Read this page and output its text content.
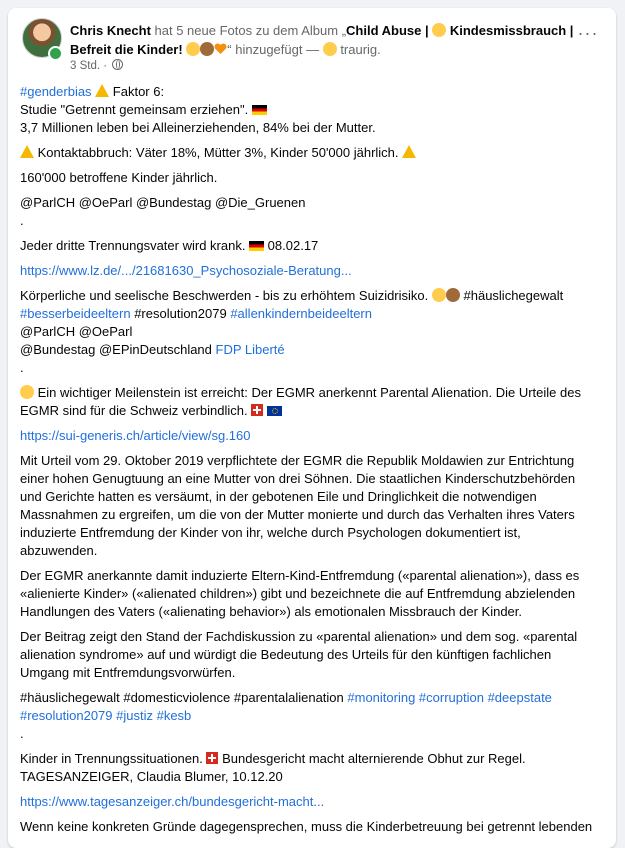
Chris Knecht hat 5 neue Fotos zu dem Album „Child Abuse |  Kindesmissbrauch | Befreit die Kinder!	“ hinzugefügt —  traurig.
3 Std. ·
···
#genderbias  Faktor 6:
Studie "Getrennt gemeinsam erziehen".
3,7 Millionen leben bei Alleinerziehenden, 84% bei der Mutter.
Kontaktabbruch: Väter 18%, Mütter 3%, Kinder 50'000 jährlich.
160'000 betroffene Kinder jährlich.
@ParlCH @OeParl @Bundestag @Die_Gruenen
.
Jeder dritte Trennungsvater wird krank.  08.02.17
https://www.lz.de/.../21681630_Psychosoziale-Beratung...
Körperliche und seelische Beschwerden - bis zu erhöhtem Suizidrisiko.  #häuslichegewalt
#besserbeideeltern #resolution2079 #allenkindernbeideeltern
@ParlCH @OeParl
@Bundestag @EPinDeutschland FDP Liberté
.
Ein wichtiger Meilenstein ist erreicht: Der EGMR anerkennt Parental Alienation. Die Urteile des
EGMR sind für die Schweiz verbindlich.
https://sui-generis.ch/article/view/sg.160
Mit Urteil vom 29. Oktober 2019 verpflichtete der EGMR die Republik Moldawien zur Entrichtung
einer hohen Genugtuung an eine Mutter von drei Söhnen. Die staatlichen Kinderschutzbehörden
und Gerichte hatten es versäumt, in der gebotenen Eile und Dringlichkeit die notwendigen
Massnahmen zu ergreifen, um die von der Mutter monierte und durch das Verhalten ihres Vaters
induzierte Entfremdung der Kinder von ihr, welche durch Psychologen dokumentiert ist,
abzuwenden.
Der EGMR anerkannte damit induzierte Eltern-Kind-Entfremdung («parental alienation»), dass es
«alienierte Kinder» («alienated children») gibt und bezeichnete die auf Entfremdung abzielenden
Handlungen des Vaters («alienating behavior») als emotionalen Missbrauch der Kinder.
Der Beitrag zeigt den Stand der Fachdiskussion zu «parental alienation» und dem sog. «parental
alienation syndrome» auf und würdigt die Bedeutung des Urteils für den künftigen fachlichen
Umgang mit Entfremdungsvorwürfen.
#häuslichegewalt #domesticviolence #parentalalienation #monitoring #corruption #deepstate
#resolution2079 #justiz #kesb
.
Kinder in Trennungssituationen.  Bundesgericht macht alternierende Obhut zur Regel.
TAGESANZEIGER, Claudia Blumer, 10.12.20
https://www.tagesanzeiger.ch/bundesgericht-macht...
Wenn keine konkreten Gründe dagegensprechen, muss die Kinderbetreuung bei getrennt lebenden
